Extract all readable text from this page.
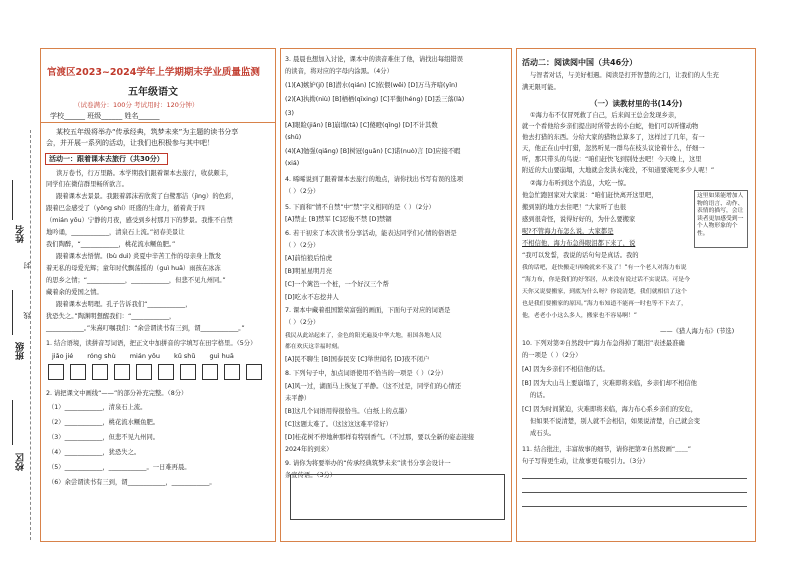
姓名
班级
校区
封
线
官渡区2023~2024学年上学期期末学业质量监测
五年级语文
（试卷满分：100分 考试用时：120分钟）
学校______ 班级______ 姓名______
某校五年级将举办“传承经典，筑梦未来”为主题的读书分享
会，并开展一系列的活动，让我们也积极参与其中吧！
活动一：跟着课本去旅行（共30分）
读万卷书，行万里路。本学期我们跟着课本去旅行，收获颇丰，
同学们在微信群里畅所欲言。
跟着课本去景景。我跟着郭沫若欣赏了白鹭那洁（jìng）的色彩，
跟着巴金感受了（yǒng shí）旺盛的生命力，循着黄于四
（mián yōu）宁静的月夜，感受到乡村那月下的梦景。我惟不自禁
地吟诵，____________，清泉石上流。”初春美景让
我们陶醉，“____________，桃花流水鳜鱼肥。”
跟着课本去悟情。(bù duì) 炎夏中辛苦工作的母亲身上散发
着无私的母爱光辉；童年时代飘荡摇的（guì huā）雨孩在冰冻
的思乡之情；“____________，____________，但悲不见九州同。”
藏着余的爱国之情。
跟着课本去明理。孔子告诉我们“____________，
犹恐失之。”陶渊明想醒我们：“____________，
____________。”朱熹叮嘱我们：“余尝谓读书有三到，谓____________。”
1. 结合语境，读拼音写词语，把正文中加拼音的字填写在田字格里。（5分）
jiǎo jié róng shù mián yōu kǔ shǔ guì huā
2. 请把课文中画线“——”的部分补充完整。（8分）
（1）____________，清泉石上流。
（2）____________，桃花流水鳜鱼肥。
（3）____________，但悲不见九州同。
（4）____________，犹恐失之。
（5）____________，____________。一日难再晨。
（6）余尝谓读书有三到，谓____________，____________。
3. 晨晨也想加入讨论，课本中的读音难住了他，请找出每组错误
的读音，将对应的字母内涂黑。（4分）
(1)[A]嫉妒(jí) [B]潜水(qián) [C]依偎(wēi) [D]万马齐喑(yīn)
(2)[A]执拗(niù) [B]栖栖(qīxing) [C]平衡(héng) [D]丢三落(là)
(3)
[A]眼睑(jiǎn) [B]崩塌(tā) [C]傻瞪(qǐng) [D]不计其数
(shǔ)
(4)[A]勉强(qiǎng) [B]树冠(guān) [C]诺(nuò)言 [D]应接不暇
(xiá)
4. 晞晞说到了跟着课本去旅行的地点，请你找出书写有误的选项
（ ）（2分）
5. 下面和“情不自禁”中“禁”字义相同的是（ ）（2分）
[A]禁止 [B]禁军 [C]忍俊不禁 [D]禁锢
6. 若干初来了本次读书分享活动，能表达同学们心情的俗语是
（ ）（2分）
[A]前怕狼后怕虎
[B]明星星明月亮
[C]一个篱笆一个桩，一个好汉三个帮
[D]吃水不忘挖井人
7. 课本中藏着祖国繁荣富强的画面，下面句子对应的词语是
（ ）（2分）
我民从此站起来了，金色的阳光遍及中华大地，祖国各地人民
都在欢庆这幸福时刻。
[A]民不聊生 [B]国泰民安 [C]举世闻名 [D]夜不闭户
8. 下列句子中，加点词语使用不恰当的一项是（ ）（2分）
[A]风一过，湖面马上恢复了平静。（这不过是，同学们的心情还
未平静）
[B]这几个词语用得很恰当。（白纸上的点墨）
[C]这题太难了。（这这这这难平常好）
[D]桂花树不停地种那样有特别香气。（不过那，要以全新的姿态迎接
2024年的到来）
9. 请你为将要举办的“传承经典筑梦未来”读书分享会设计一
条宣传语。（3分）
活动二：阅读阅中国（共46分）
与智者对话，与美好相遇。阅读是打开智慧的之门，让我们的人生充
满无限可能。
（一）读教材里的书(14分)
①海力布不仅冒死救了自己，后来阎王总会发现乡亲，
就一个看他给乡亲们提出时所带去的小白蛇，他们可以听懂动物
他去打猎的东西。分给大家的猎物总算多了，这样过了几年，有一
天，他正在山中打猎，忽然听见一群鸟在枝头议论着什么，仔细一
听，那只带头的鸟说：“咱们赶快飞到别处去吧！今天晚上，这里
附近的大山要崩塌，大地就会发洪水淹没，不知道要淹死多少人呢！”
②海力布听到这个消息，大吃一惊。
他急忙跑回家对大家说：“咱们赶快离开这里吧，
搬到别的地方去住吧！”大家听了也很
感到很奇怪，说得好好的，为什么要搬家
呢?不管海力布怎么说，大家都是
不相信他，海力布急得眼泪都下来了，说
“我可以发誓，我说的话句句是真话。我的
我的话吧，赶快搬走!再晚就来不及了！”有一个老人对海力布说
“海力布，你是我们的好邻居，从来没有说过话不实说话。可是今
天你又说要搬家，到底为什么呀？你说清楚，我们就相信了这个
也是我们要搬家的原因。”海力布知道不能再一时也等不下去了，
他，老老小小这么多人，搬家也不容易啊！”
——《猎人海力布》(节选)
这里如果能增加人物的语言、动作、表情的描写，会让读者更加感受到一个人物形象的个性。
10. 下列对第②自然段中“海力布急得掉了眼泪”表述最准确
的一项是（ ）（2分）
[A] 因为乡亲们不相信他的话。
[B] 因为大山马上要崩塌了，灾难即将来临，乡亲们却不相信他
的话。
[C] 因为时间紧迫，灾难即将来临，海力布心系乡亲们的安危，
但如果不说清楚，别人就不会相信，如果说清楚，自己就会变
成石头。
11. 结合批注，丰富故事的细节，请你把第②自然段画“﹏﹏”
句子写得更生动，让故事更有吸引力。（3分）
